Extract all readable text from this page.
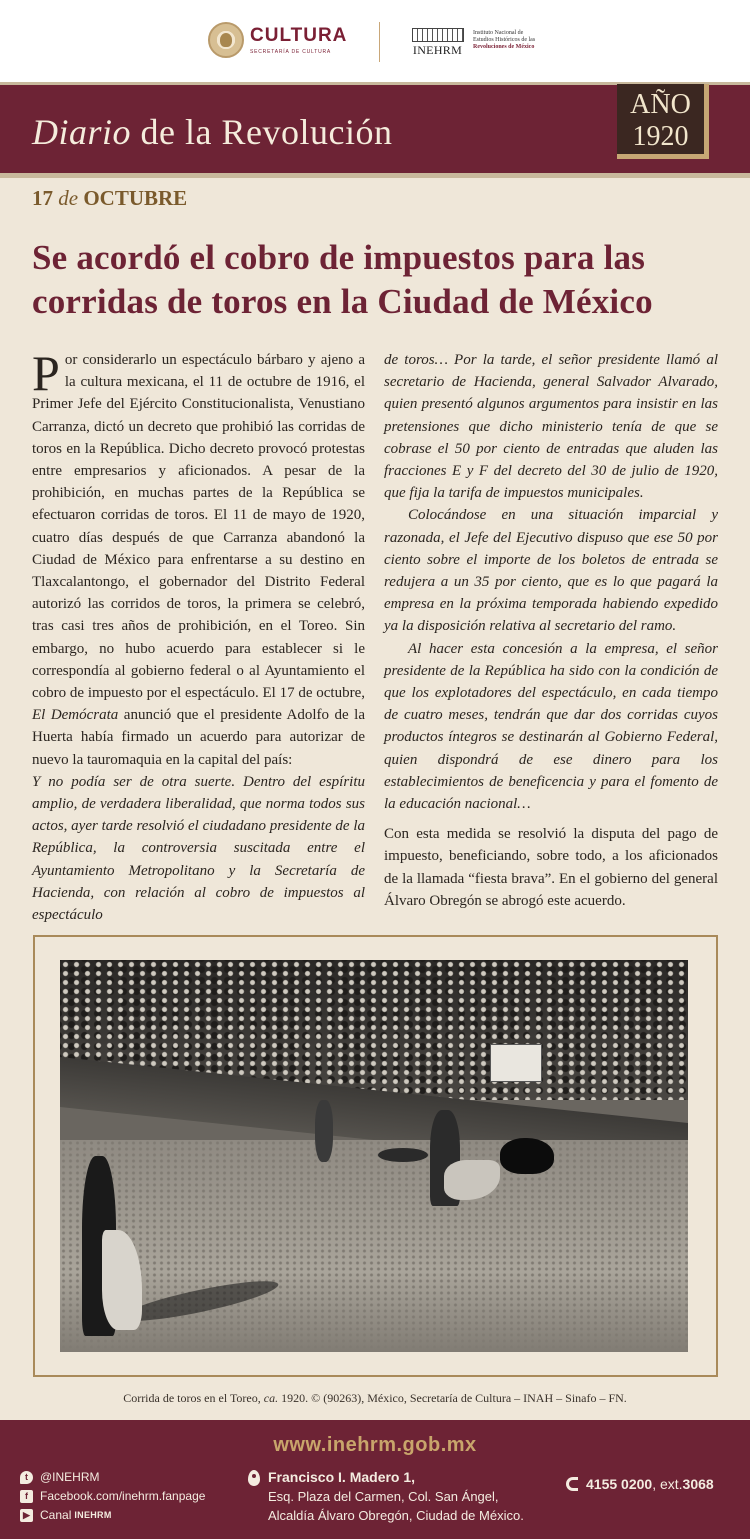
CULTURA
SECRETARÍA DE CULTURA	INEHRM
Instituto Nacional de
Estudios Históricos de las
Revoluciones de México
Diario de la Revolución
AÑO
1920
17 de OCTUBRE
Se acordó el cobro de impuestos para las corridas de toros en la Ciudad de México

Por considerarlo un espectáculo bárbaro y ajeno a la cultura mexicana, el 11 de octubre de 1916, el Primer Jefe del Ejército Constitucionalista, Venustiano Carranza, dictó un decreto que prohibió las corridas de toros en la República. Dicho decreto provocó protestas entre empresarios y aficionados. A pesar de la prohibición, en muchas partes de la República se efectuaron corridas de toros. El 11 de mayo de 1920, cuatro días después de que Carranza abandonó la Ciudad de México para enfrentarse a su destino en Tlaxcalantongo, el gobernador del Distrito Federal autorizó las corridos de toros, la primera se celebró, tras casi tres años de prohibición, en el Toreo. Sin embargo, no hubo acuerdo para establecer si le correspondía al gobierno federal o al Ayuntamiento el cobro de impuesto por el espectáculo. El 17 de octubre, El Demócrata anunció que el presidente Adolfo de la Huerta había firmado un acuerdo para autorizar de nuevo la tauromaquia en la capital del país:

Y no podía ser de otra suerte. Dentro del espíritu amplio, de verdadera liberalidad, que norma todos sus actos, ayer tarde resolvió el ciudadano presidente de la República, la controversia suscitada entre el Ayuntamiento Metropolitano y la Secretaría de Hacienda, con relación al cobro de impuestos al espectáculo

de toros… Por la tarde, el señor presidente llamó al secretario de Hacienda, general Salvador Alvarado, quien presentó algunos argumentos para insistir en las pretensiones que dicho ministerio tenía de que se cobrase el 50 por ciento de entradas que aluden las fracciones E y F del decreto del 30 de julio de 1920, que fija la tarifa de impuestos municipales.

Colocándose en una situación imparcial y razonada, el Jefe del Ejecutivo dispuso que ese 50 por ciento sobre el importe de los boletos de entrada se redujera a un 35 por ciento, que es lo que pagará la empresa en la próxima temporada habiendo expedido ya la disposición relativa al secretario del ramo.

Al hacer esta concesión a la empresa, el señor presidente de la República ha sido con la condición de que los explotadores del espectáculo, en cada tiempo de cuatro meses, tendrán que dar dos corridas cuyos productos íntegros se destinarán al Gobierno Federal, quien dispondrá de ese dinero para los establecimientos de beneficencia y para el fomento de la educación nacional…

Con esta medida se resolvió la disputa del pago de impuesto, beneficiando, sobre todo, a los aficionados de la llamada “fiesta brava”. En el gobierno del general Álvaro Obregón se abrogó este acuerdo.

Corrida de toros en el Toreo, ca. 1920. © (90263), México, Secretaría de Cultura – INAH – Sinafo – FN.
www.inehrm.gob.mx
t	@INEHRM
f	Facebook.com/inehrm.fanpage
▶ Canal INEHRM
Francisco I. Madero 1,
Esq. Plaza del Carmen, Col. San Ángel,
Alcaldía Álvaro Obregón, Ciudad de México.
4155 0200 , ext. 3068
